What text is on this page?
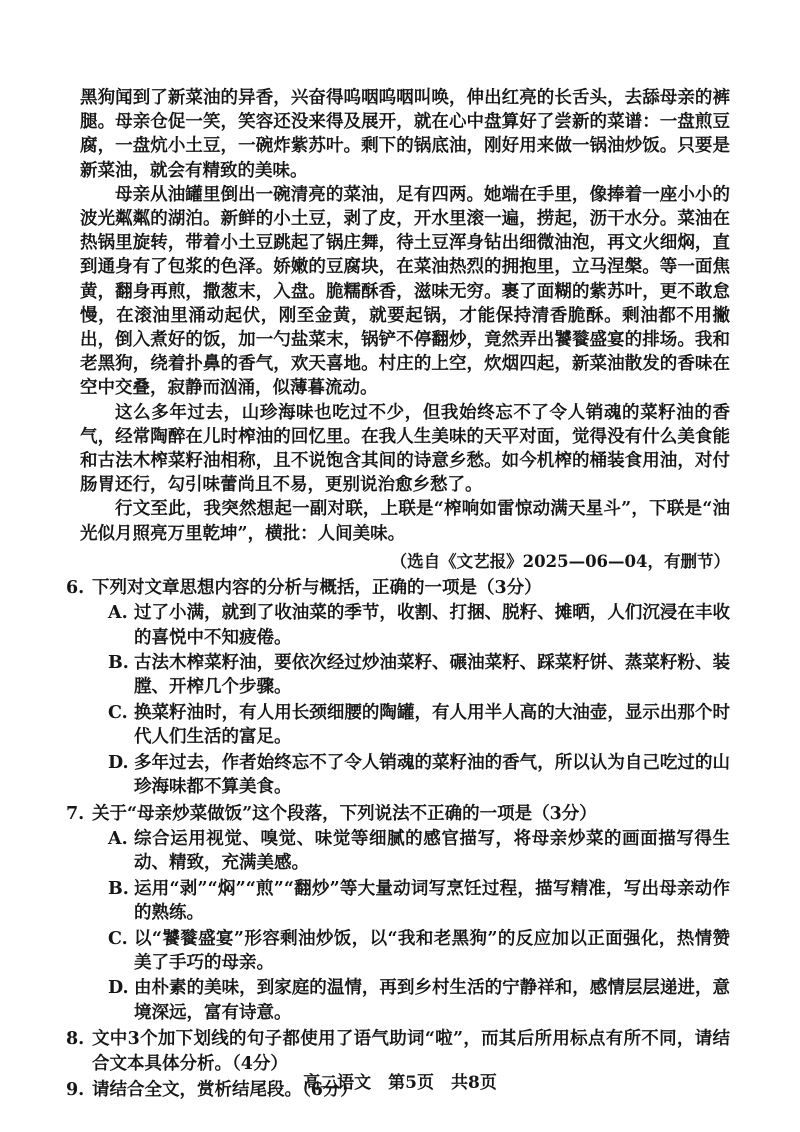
黑狗闻到了新菜油的异香，兴奋得呜咽呜咽叫唤，伸出红亮的长舌头，去舔母亲的裤腿。母亲仓促一笑，笑容还没来得及展开，就在心中盘算好了尝新的菜谱：一盘煎豆腐，一盘炕小土豆，一碗炸紫苏叶。剩下的锅底油，刚好用来做一锅油炒饭。只要是新菜油，就会有精致的美味。

母亲从油罐里倒出一碗清亮的菜油，足有四两。她端在手里，像捧着一座小小的波光粼粼的湖泊。新鲜的小土豆，剥了皮，开水里滚一遍，捞起，沥干水分。菜油在热锅里旋转，带着小土豆跳起了锅庄舞，待土豆浑身钻出细微油泡，再文火细焖，直到通身有了包浆的色泽。娇嫩的豆腐块，在菜油热烈的拥抱里，立马涅槃。等一面焦黄，翻身再煎，撒葱末，入盘。脆糯酥香，滋味无穷。裹了面糊的紫苏叶，更不敢怠慢，在滚油里涌动起伏，刚至金黄，就要起锅，才能保持清香脆酥。剩油都不用撇出，倒入煮好的饭，加一勺盐菜末，锅铲不停翻炒，竟然弄出饕餮盛宴的排场。我和老黑狗，绕着扑鼻的香气，欢天喜地。村庄的上空，炊烟四起，新菜油散发的香味在空中交叠，寂静而汹涌，似薄暮流动。

这么多年过去，山珍海味也吃过不少，但我始终忘不了令人销魂的菜籽油的香气，经常陶醉在儿时榨油的回忆里。在我人生美味的天平对面，觉得没有什么美食能和古法木榨菜籽油相称，且不说饱含其间的诗意乡愁。如今机榨的桶装食用油，对付肠胃还行，勾引味蕾尚且不易，更别说治愈乡愁了。

行文至此，我突然想起一副对联，上联是“榨响如雷惊动满天星斗”，下联是“油光似月照亮万里乾坤”，横批：人间美味。

（选自《文艺报》2025—06—04，有删节）

6. 下列对文章思想内容的分析与概括，正确的一项是（3分）
A. 过了小满，就到了收油菜的季节，收割、打捆、脱籽、摊晒，人们沉浸在丰收的喜悦中不知疲倦。
B. 古法木榨菜籽油，要依次经过炒油菜籽、碾油菜籽、踩菜籽饼、蒸菜籽粉、装膛、开榨几个步骤。
C. 换菜籽油时，有人用长颈细腰的陶罐，有人用半人高的大油壶，显示出那个时代人们生活的富足。
D. 多年过去，作者始终忘不了令人销魂的菜籽油的香气，所以认为自己吃过的山珍海味都不算美食。
7. 关于“母亲炒菜做饭”这个段落，下列说法不正确的一项是（3分）
A. 综合运用视觉、嗅觉、味觉等细腻的感官描写，将母亲炒菜的画面描写得生动、精致，充满美感。
B. 运用“剥”“焖”“煎”“翻炒”等大量动词写烹饪过程，描写精准，写出母亲动作的熟练。
C. 以“饕餮盛宴”形容剩油炒饭，以“我和老黑狗”的反应加以正面强化，热情赞美了手巧的母亲。
D. 由朴素的美味，到家庭的温情，再到乡村生活的宁静祥和，感情层层递进，意境深远，富有诗意。
8. 文中3个加下划线的句子都使用了语气助词“啦”，而其后所用标点有所不同，请结合文本具体分析。（4分）
9. 请结合全文，赏析结尾段。（6分）
高二语文　第5页　共8页
